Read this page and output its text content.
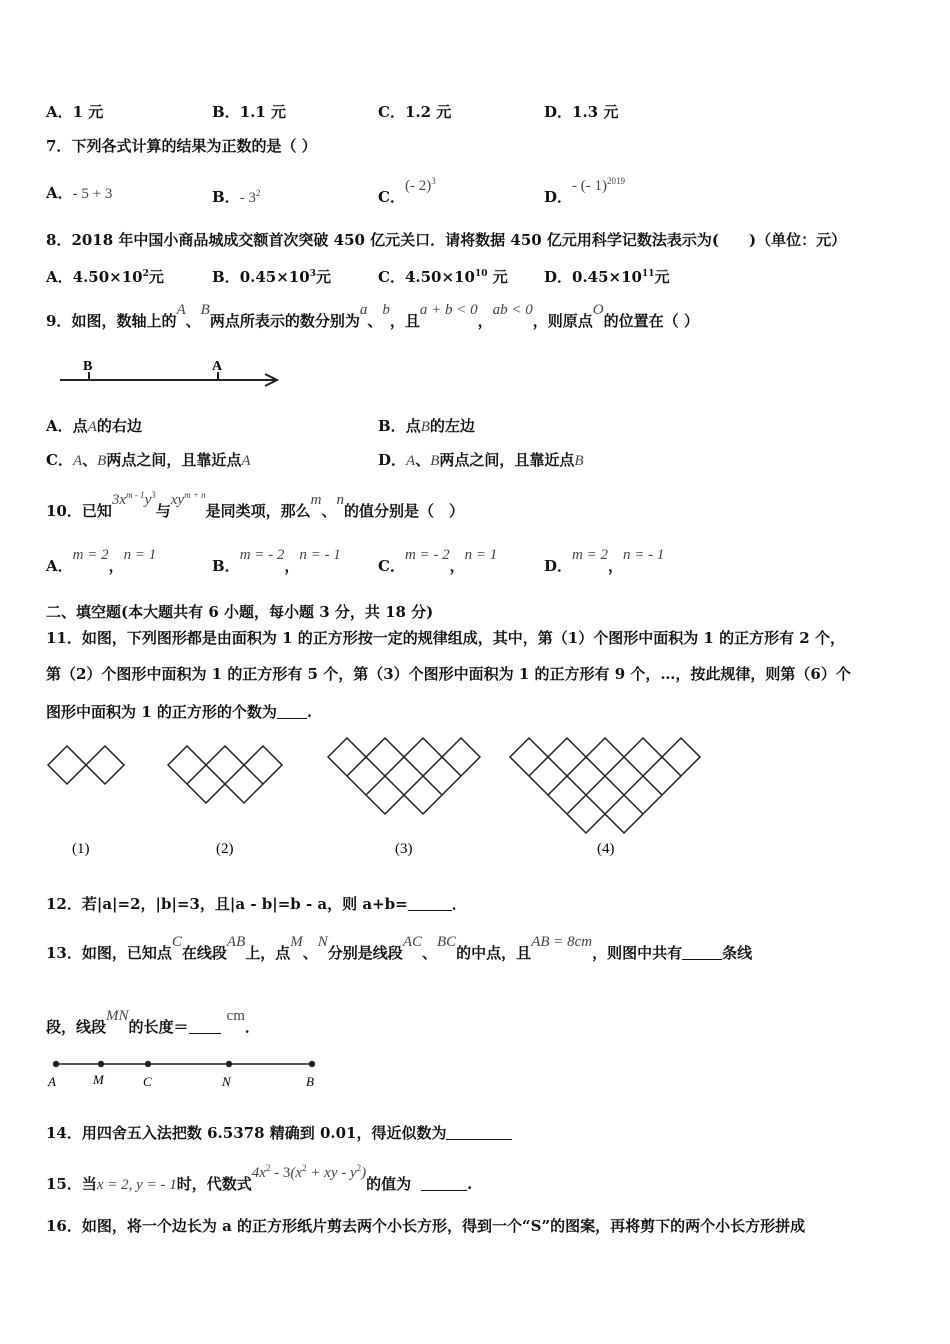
A．1 元	B．1.1 元	C．1.2 元	D．1.3 元
7．下列各式计算的结果为正数的是（ ）
A．- 5 + 3	B．- $3^2$	C．(- 2)$^3$
D．- (- 1)$^{2019}$
8．2018 年中国小商品城成交额首次突破 450 亿元关口．请将数据 450 亿元用科学记数法表示为(　　)（单位：元）
A．$4.50\times 10^2$元	B．$0.45\times 10^3$元	C．$4.50\times 10^{10}$ 元 D．$0.45\times 10^{11}$元
9．如图，数轴上的A、B两点所表示的数分别为a、b，且a + b < 0，ab < 0，则原点O的位置在（ ）
B	A
A．点A的右边	B．点B的左边
C．A、B两点之间，且靠近点A	D．A、B两点之间，且靠近点B
10．已知$3x^{m - 1}y^3$与$xy^{m + n}$是同类项，那么m、n的值分别是（　）
A．m = 2，n = 1
B．m = - 2，n = - 1
C．m = - 2，n = 1
D．m = 2，n = - 1
二、填空题(本大题共有 6 小题，每小题 3 分，共 18 分)
11．如图，下列图形都是由面积为 1 的正方形按一定的规律组成，其中，第（1）个图形中面积为 1 的正方形有 2 个，
第（2）个图形中面积为 1 的正方形有 5 个，第（3）个图形中面积为 1 的正方形有 9 个，…，按此规律，则第（6）个
图形中面积为 1 的正方形的个数为 .
(1)	(2)	(3)	(4)
12．若|a|=2，|b|=3，且|a - b|=b - a，则 a+b=	．
13．如图，已知点C在线段AB上，点M、N分别是线段AC、BC的中点，且AB = 8cm，则图中共有	条线
段，线段MN的长度＝cm．
A	M	C	N	B
14．用四舍五入法把数 6.5378 精确到 0.01，得近似数为
15．当x = 2, y = - 1时，代数式$4x^2 - 3(x^2$ + xy - $y^2$)的值为	.
16．如图，将一个边长为 a 的正方形纸片剪去两个小长方形，得到一个“S”的图案，再将剪下的两个小长方形拼成
